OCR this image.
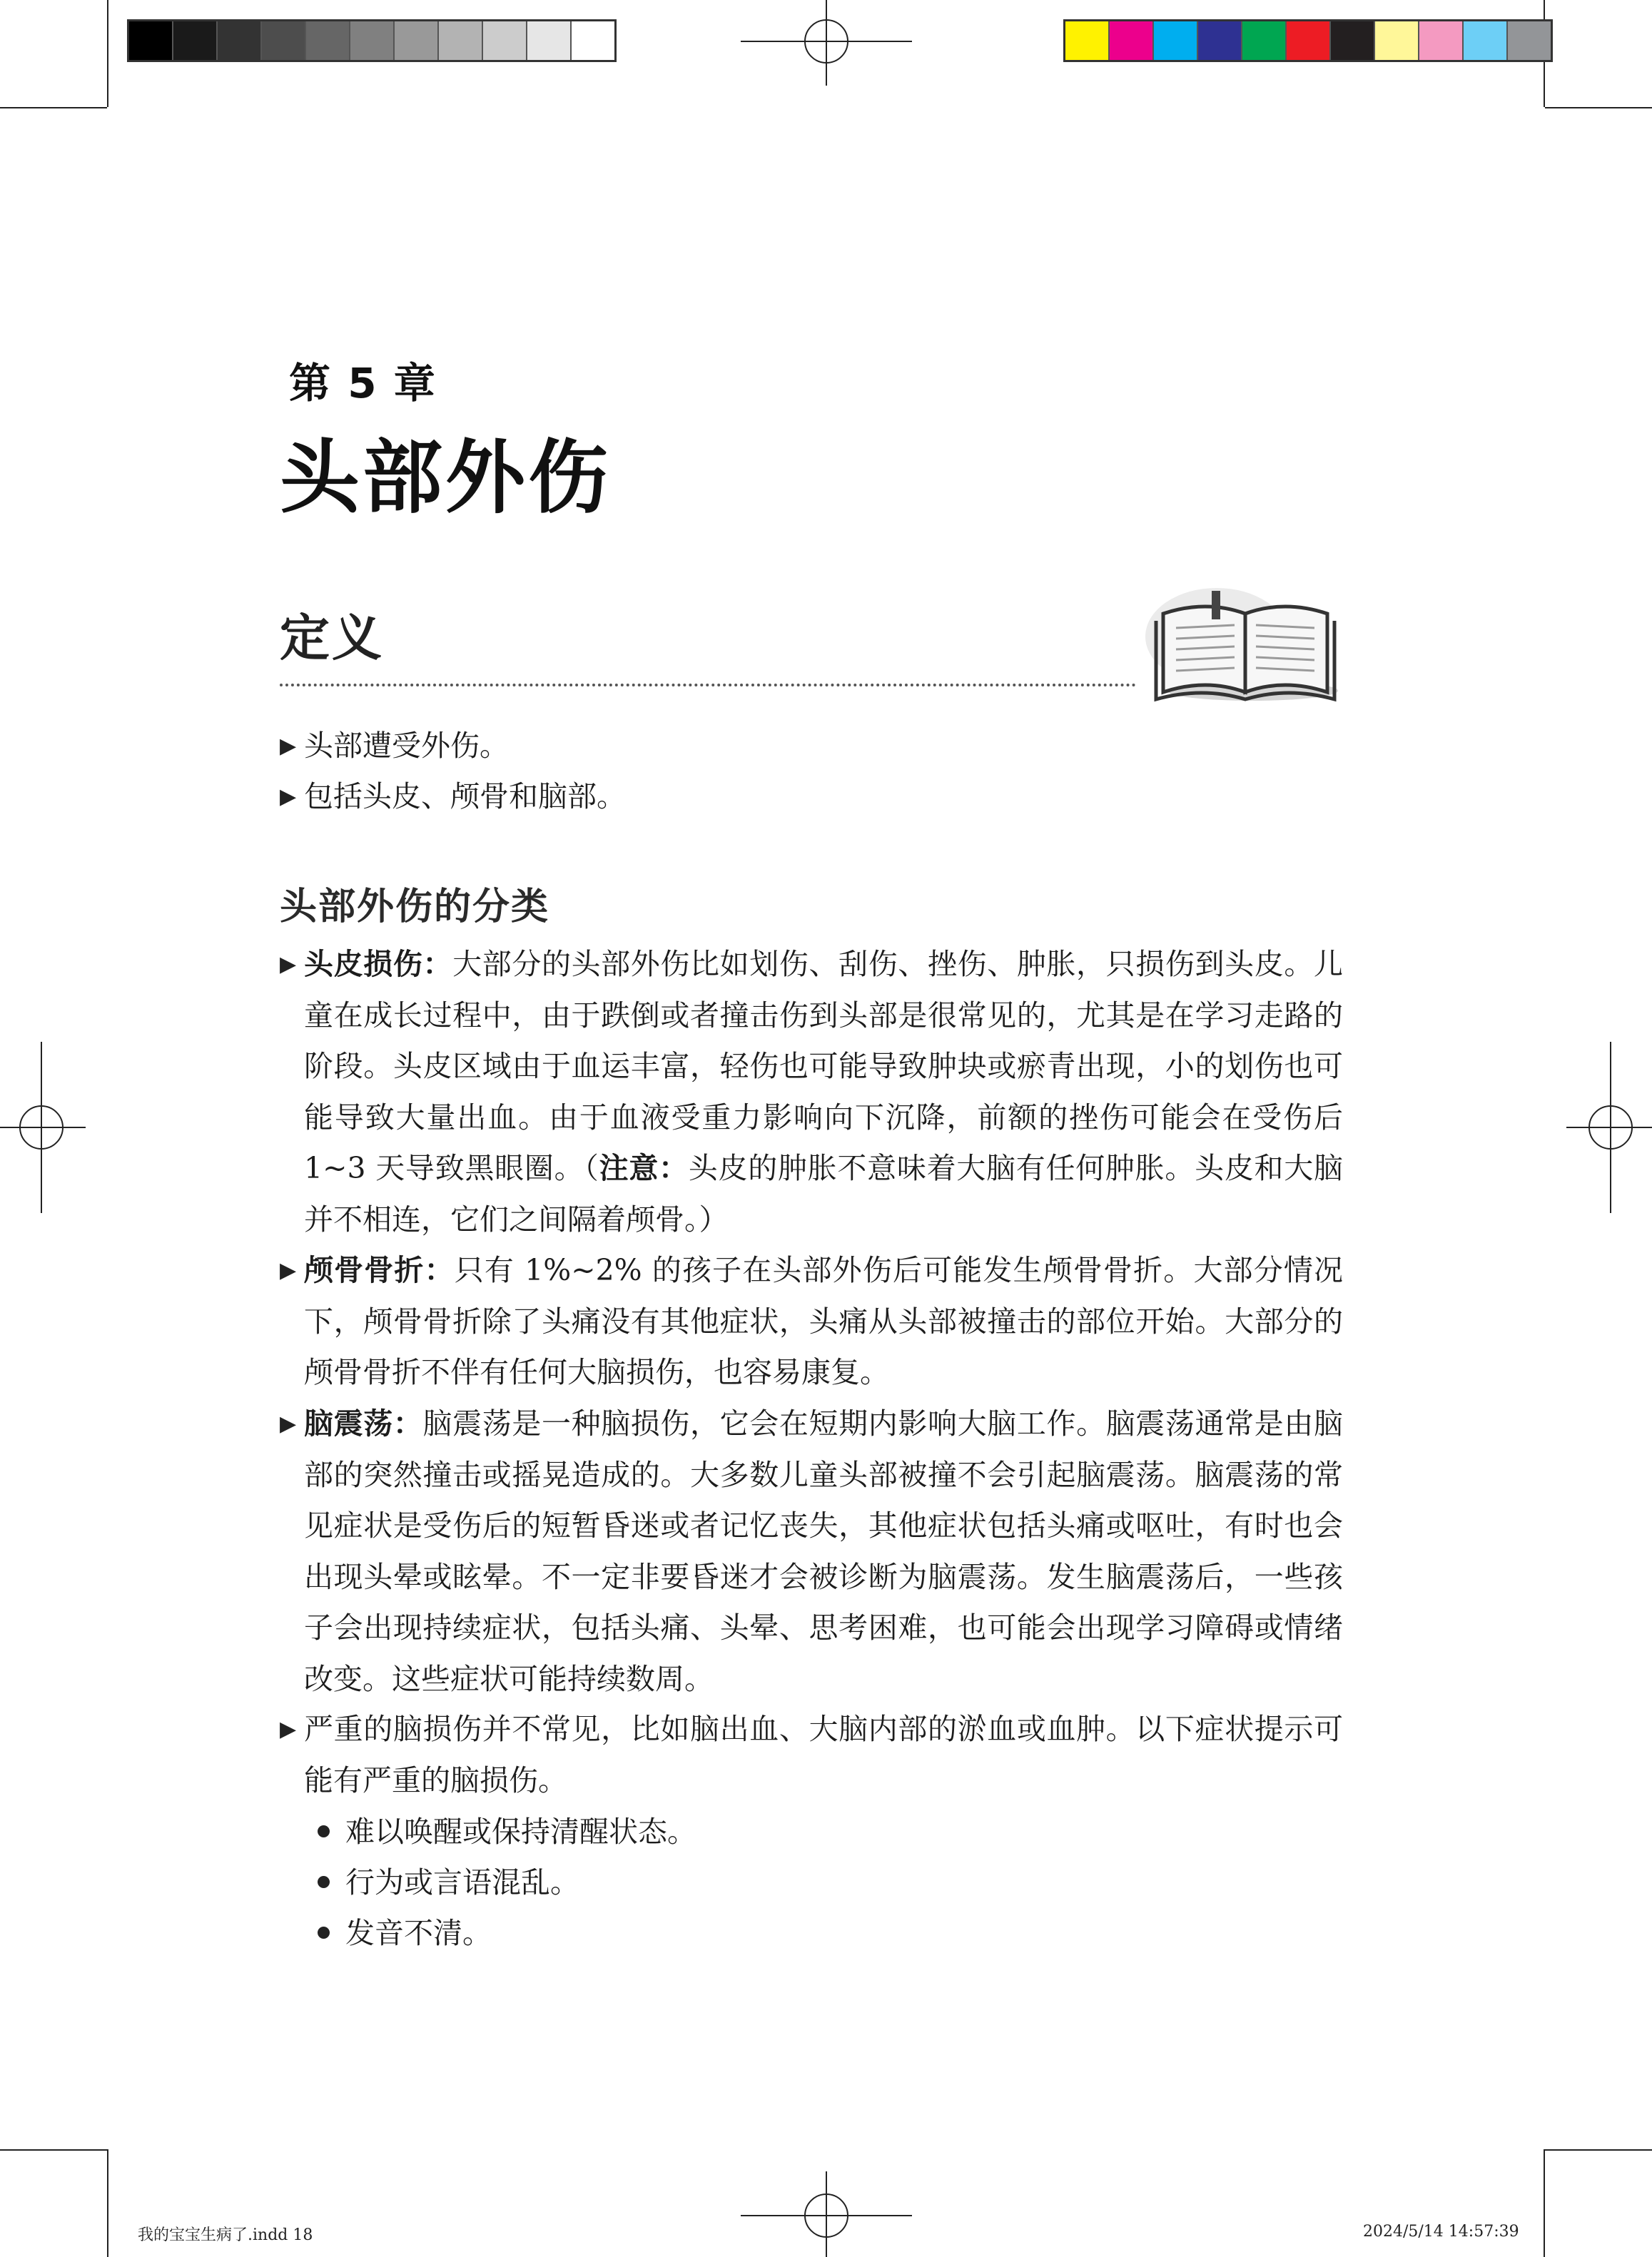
第 5 章
头部外伤
定义
▶ 头部遭受外伤。
▶ 包括头皮、颅骨和脑部。
头部外伤的分类
▶ 头皮损伤：大部分的头部外伤比如划伤、刮伤、挫伤、肿胀，只损伤到头皮。儿童在成长过程中，由于跌倒或者撞击伤到头部是很常见的，尤其是在学习走路的阶段。头皮区域由于血运丰富，轻伤也可能导致肿块或瘀青出现，小的划伤也可能导致大量出血。由于血液受重力影响向下沉降，前额的挫伤可能会在受伤后 1~3 天导致黑眼圈。（注意：头皮的肿胀不意味着大脑有任何肿胀。头皮和大脑并不相连，它们之间隔着颅骨。）
▶ 颅骨骨折：只有 1%~2% 的孩子在头部外伤后可能发生颅骨骨折。大部分情况下，颅骨骨折除了头痛没有其他症状，头痛从头部被撞击的部位开始。大部分的颅骨骨折不伴有任何大脑损伤，也容易康复。
▶ 脑震荡：脑震荡是一种脑损伤，它会在短期内影响大脑工作。脑震荡通常是由脑部的突然撞击或摇晃造成的。大多数儿童头部被撞不会引起脑震荡。脑震荡的常见症状是受伤后的短暂昏迷或者记忆丧失，其他症状包括头痛或呕吐，有时也会出现头晕或眩晕。不一定非要昏迷才会被诊断为脑震荡。发生脑震荡后，一些孩子会出现持续症状，包括头痛、头晕、思考困难，也可能会出现学习障碍或情绪改变。这些症状可能持续数周。
▶ 严重的脑损伤并不常见，比如脑出血、大脑内部的淤血或血肿。以下症状提示可能有严重的脑损伤。
难以唤醒或保持清醒状态。
行为或言语混乱。
发音不清。
我的宝宝生病了.indd 18	2024/5/14 14:57:39
